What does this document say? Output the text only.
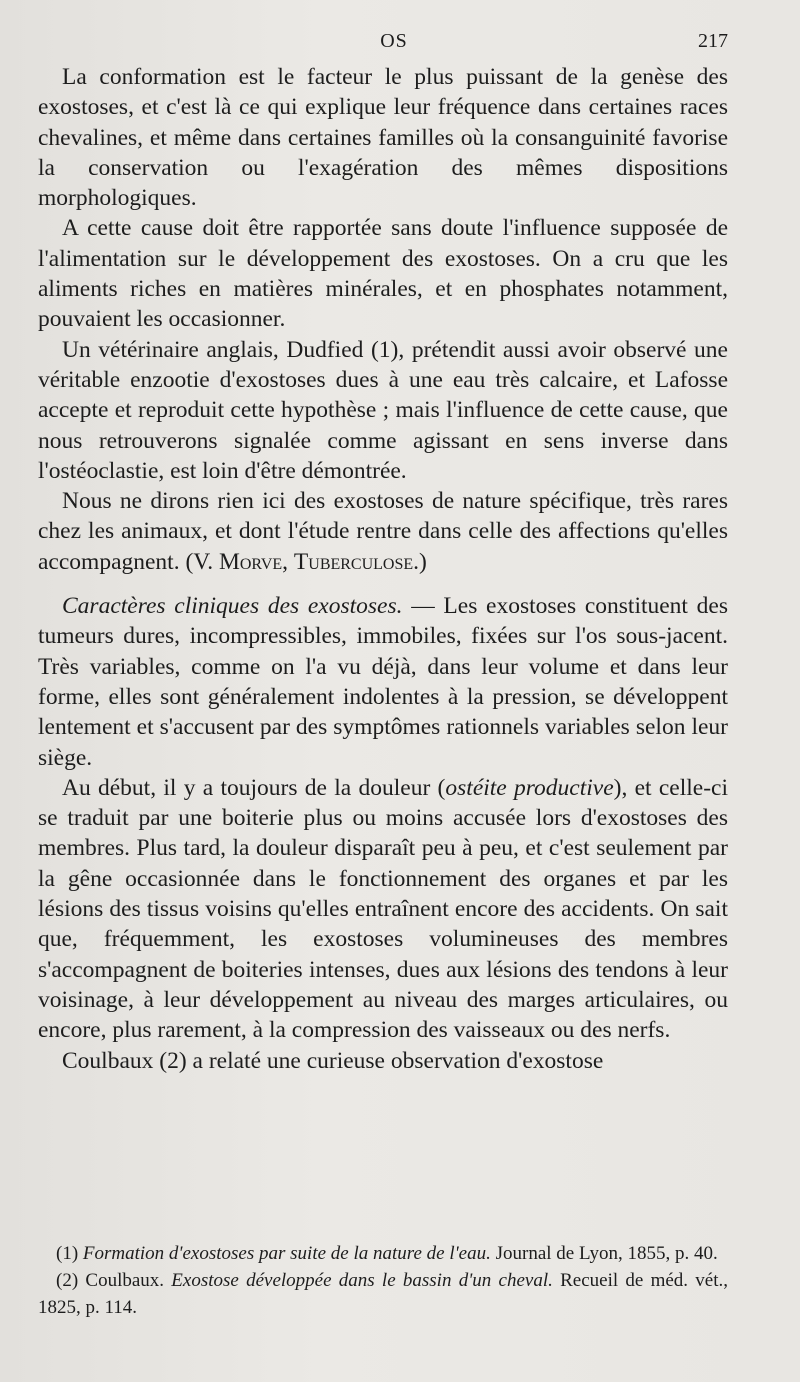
OS	217

La conformation est le facteur le plus puissant de la genèse des exostoses, et c'est là ce qui explique leur fréquence dans certaines races chevalines, et même dans certaines familles où la consanguinité favorise la conservation ou l'exagération des mêmes dispositions morphologiques.

A cette cause doit être rapportée sans doute l'influence supposée de l'alimentation sur le développement des exostoses. On a cru que les aliments riches en matières minérales, et en phosphates notamment, pouvaient les occasionner.

Un vétérinaire anglais, Dudfied (1), prétendit aussi avoir observé une véritable enzootie d'exostoses dues à une eau très calcaire, et Lafosse accepte et reproduit cette hypothèse ; mais l'influence de cette cause, que nous retrouverons signalée comme agissant en sens inverse dans l'ostéoclastie, est loin d'être démontrée.

Nous ne dirons rien ici des exostoses de nature spécifique, très rares chez les animaux, et dont l'étude rentre dans celle des affections qu'elles accompagnent. (V. Morve, Tuberculose.)

Caractères cliniques des exostoses. — Les exostoses constituent des tumeurs dures, incompressibles, immobiles, fixées sur l'os sous-jacent. Très variables, comme on l'a vu déjà, dans leur volume et dans leur forme, elles sont généralement indolentes à la pression, se développent lentement et s'accusent par des symptômes rationnels variables selon leur siège.

Au début, il y a toujours de la douleur (ostéite productive), et celle-ci se traduit par une boiterie plus ou moins accusée lors d'exostoses des membres. Plus tard, la douleur disparaît peu à peu, et c'est seulement par la gêne occasionnée dans le fonctionnement des organes et par les lésions des tissus voisins qu'elles entraînent encore des accidents. On sait que, fréquemment, les exostoses volumineuses des membres s'accompagnent de boiteries intenses, dues aux lésions des tendons à leur voisinage, à leur développement au niveau des marges articulaires, ou encore, plus rarement, à la compression des vaisseaux ou des nerfs.

Coulbaux (2) a relaté une curieuse observation d'exostose

(1) Formation d'exostoses par suite de la nature de l'eau. Journal de Lyon, 1855, p. 40.

(2) Coulbaux. Exostose développée dans le bassin d'un cheval. Recueil de méd. vét., 1825, p. 114.
